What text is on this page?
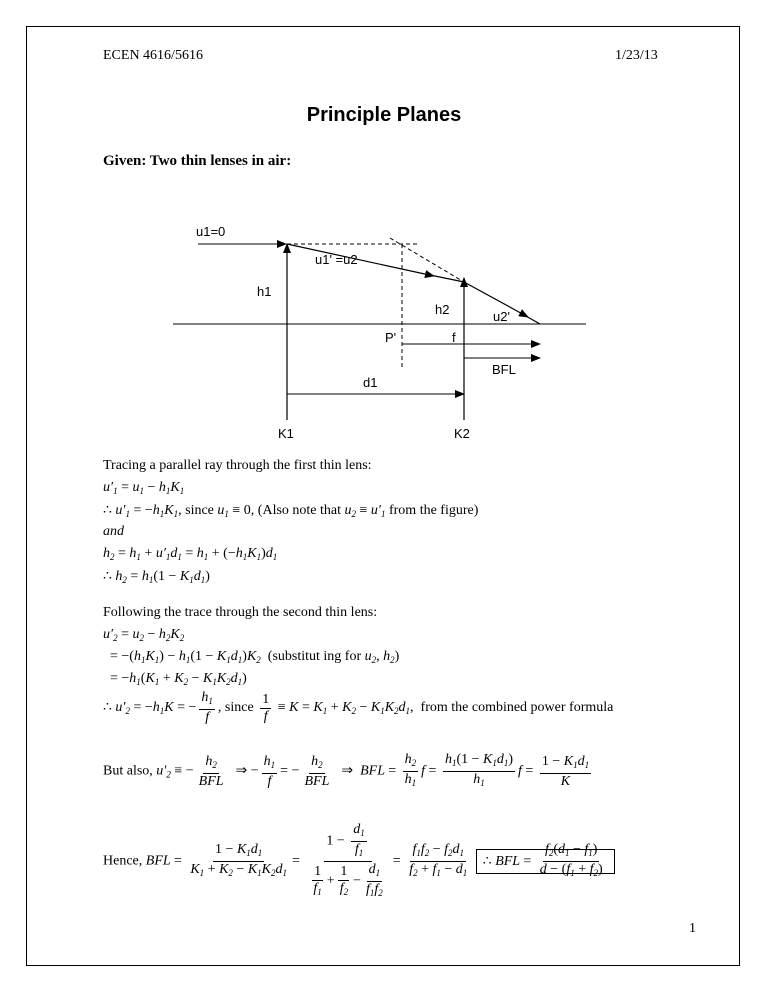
ECEN 4616/5616	1/23/13
Principle Planes
Given: Two thin lenses in air:
u1=0
u1' =u2
h1
h2	u2'
P'	f
BFL
d1
K1	K2
Tracing a parallel ray through the first thin lens:
$u'_1 = u_1 - h_1K_1$
∴ $u'_1 = -h_1K_1$, since $u_1 \equiv 0$, (Also note that $u_2 \equiv u'_1$ from the figure)
and
$h_2 = h_1 + u'_1d_1 = h_1 + (-h_1K_1)d_1$
∴ $h_2 = h_1(1 - K_1d_1)$
Following the trace through the second thin lens:
$u'_2 = u_2 - h_2K_2$
= $-(h_1K_1) - h_1(1 - K_1d_1)K_2$ (substitut ing for $u_2$, $h_2$)
= $-h_1(K_1 + K_2 - K_1K_2d_1)$
∴ $u'_2 = -h_1K$ = − $\frac{h_1}{f}$ , since $\frac{1}{f} \equiv K = K_1 + K_2 - K_1K_2d_1$,  from the combined power formula
But also, $u'_2$ ≡ − $\frac{h_2}{\text{BFL}}$ ⇒ − $\frac{h_1}{f}$ = − $\frac{h_2}{\text{BFL}}$ ⇒  BFL = $\frac{h_2}{h_1}$ $f = \frac{h_1(1 - K_1d_1)}{h_1}$ $f = \frac{1 - K_1d_1}{K}$
Hence, BFL = $\frac{1 - K_1d_1}{K_1 + K_2 - K_1K_2d_1} = \frac{1 - \frac{d_1}{f_1}}{\frac{1}{f_1} + \frac{1}{f_2} - \frac{d_1}{f_1f_2}} = \frac{f_1f_2 - f_2d_1}{f_2 + f_1 - d_1}$ ∴ BFL = $\frac{f_2(d_1 - f_1)}{d - (f_1 + f_2)}$
1
